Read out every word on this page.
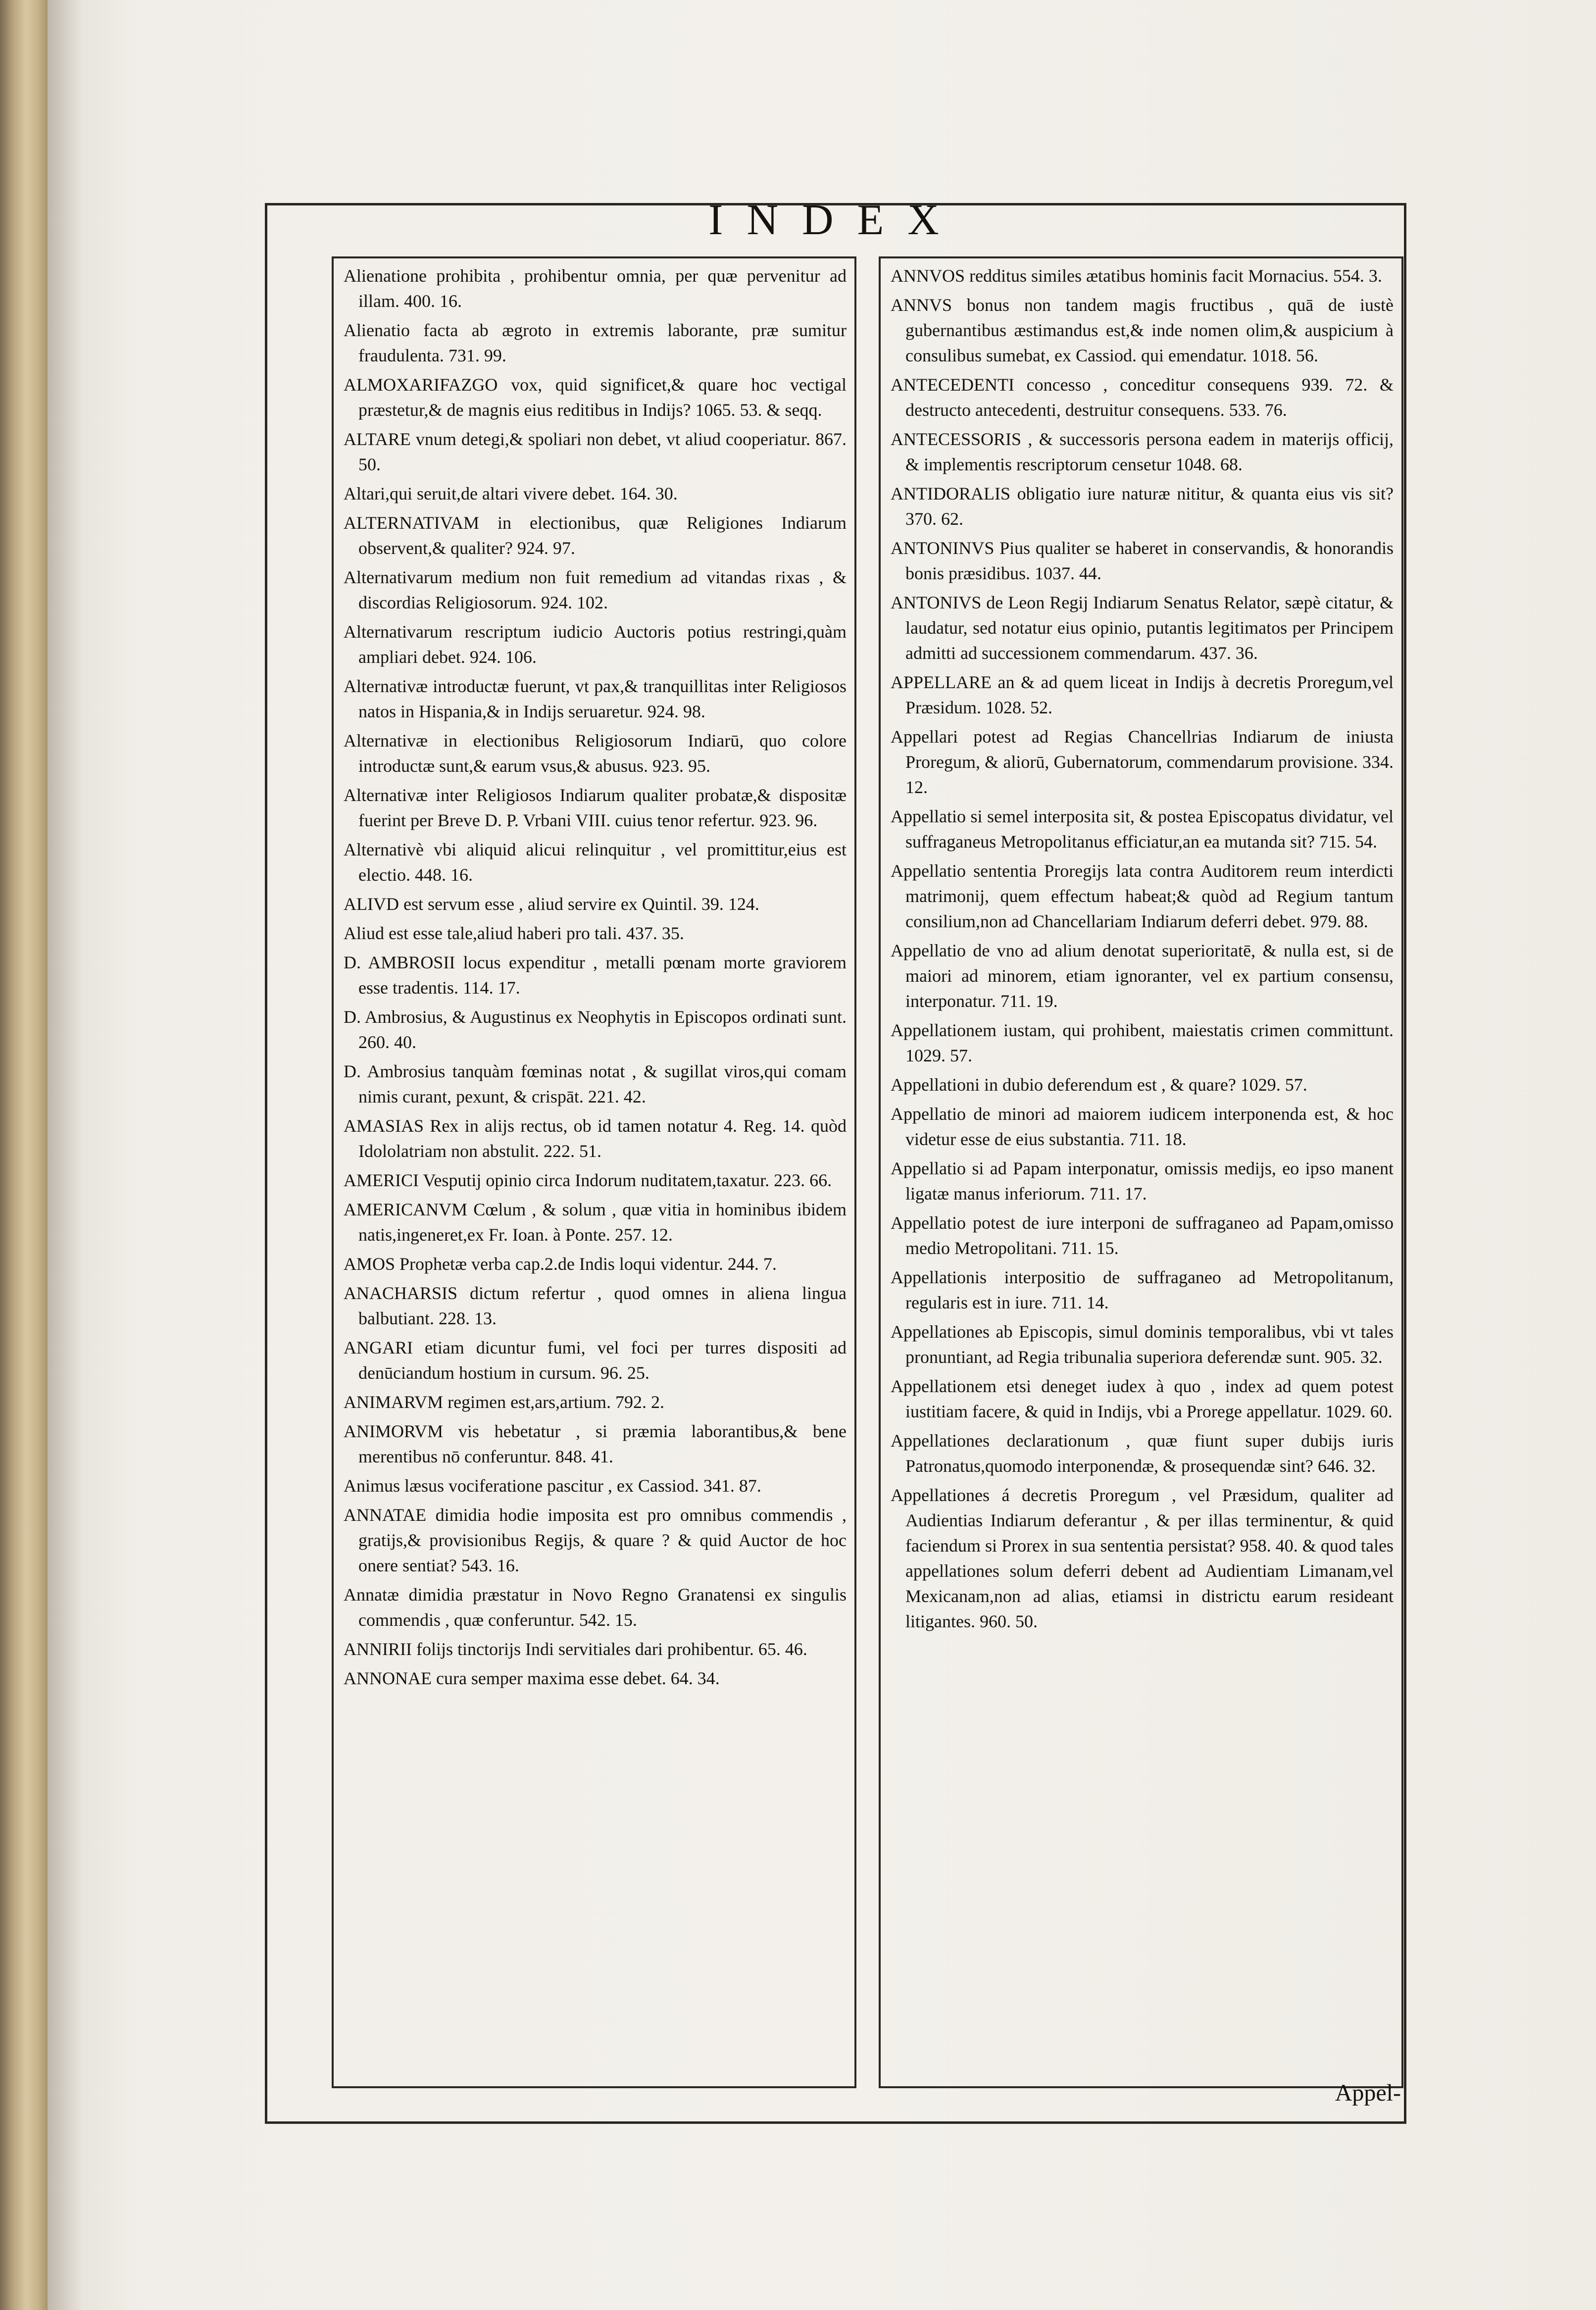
INDEX
Alienatione prohibita , prohibentur omnia, per quæ pervenitur ad illam. 400. 16.
Alienatio facta ab ægroto in extremis laborante, præ sumitur fraudulenta. 731. 99.
ALMOXARIFAZGO vox, quid significet,& quare hoc vectigal præstetur,& de magnis eius reditibus in Indijs? 1065. 53. & seqq.
ALTARE vnum detegi,& spoliari non debet, vt aliud cooperiatur. 867. 50.
Altari,qui seruit,de altari vivere debet. 164. 30.
ALTERNATIVAM in electionibus, quæ Religiones Indiarum observent,& qualiter? 924. 97.
Alternativarum medium non fuit remedium ad vitandas rixas , & discordias Religiosorum. 924. 102.
Alternativarum rescriptum iudicio Auctoris potius restringi,quàm ampliari debet. 924. 106.
Alternativæ introductæ fuerunt, vt pax,& tranquillitas inter Religiosos natos in Hispania,& in Indijs seruaretur. 924. 98.
Alternativæ in electionibus Religiosorum Indiarū, quo colore introductæ sunt,& earum vsus,& abusus. 923. 95.
Alternativæ inter Religiosos Indiarum qualiter probatæ,& dispositæ fuerint per Breve D. P. Vrbani VIII. cuius tenor refertur. 923. 96.
Alternativè vbi aliquid alicui relinquitur , vel promittitur,eius est electio. 448. 16.
ALIVD est servum esse , aliud servire ex Quintil. 39. 124.
Aliud est esse tale,aliud haberi pro tali. 437. 35.
D. AMBROSII locus expenditur , metalli pœnam morte graviorem esse tradentis. 114. 17.
D. Ambrosius, & Augustinus ex Neophytis in Episcopos ordinati sunt. 260. 40.
D. Ambrosius tanquàm fœminas notat , & sugillat viros,qui comam nimis curant, pexunt, & crispāt. 221. 42.
AMASIAS Rex in alijs rectus, ob id tamen notatur 4. Reg. 14. quòd Idololatriam non abstulit. 222. 51.
AMERICI Vesputij opinio circa Indorum nuditatem,taxatur. 223. 66.
AMERICANVM Cœlum , & solum , quæ vitia in hominibus ibidem natis,ingeneret,ex Fr. Ioan. à Ponte. 257. 12.
AMOS Prophetæ verba cap.2.de Indis loqui videntur. 244. 7.
ANACHARSIS dictum refertur , quod omnes in aliena lingua balbutiant. 228. 13.
ANGARI etiam dicuntur fumi, vel foci per turres dispositi ad denūciandum hostium in cursum. 96. 25.
ANIMARVM regimen est,ars,artium. 792. 2.
ANIMORVM vis hebetatur , si præmia laborantibus,& bene merentibus nō conferuntur. 848. 41.
Animus læsus vociferatione pascitur , ex Cassiod. 341. 87.
ANNATAE dimidia hodie imposita est pro omnibus commendis , gratijs,& provisionibus Regijs, & quare ? & quid Auctor de hoc onere sentiat? 543. 16.
Annatæ dimidia præstatur in Novo Regno Granatensi ex singulis commendis , quæ conferuntur. 542. 15.
ANNIRII folijs tinctorijs Indi servitiales dari prohibentur. 65. 46.
ANNONAE cura semper maxima esse debet. 64. 34.
ANNVOS redditus similes ætatibus hominis facit Mornacius. 554. 3.
ANNVS bonus non tandem magis fructibus , quā de iustè gubernantibus æstimandus est,& inde nomen olim,& auspicium à consulibus sumebat, ex Cassiod. qui emendatur. 1018. 56.
ANTECEDENTI concesso , conceditur consequens 939. 72. & destructo antecedenti, destruitur consequens. 533. 76.
ANTECESSORIS , & successoris persona eadem in materijs officij, & implementis rescriptorum censetur 1048. 68.
ANTIDORALIS obligatio iure naturæ nititur, & quanta eius vis sit? 370. 62.
ANTONINVS Pius qualiter se haberet in conservandis, & honorandis bonis præsidibus. 1037. 44.
ANTONIVS de Leon Regij Indiarum Senatus Relator, sæpè citatur, & laudatur, sed notatur eius opinio, putantis legitimatos per Principem admitti ad successionem commendarum. 437. 36.
APPELLARE an & ad quem liceat in Indijs à decretis Proregum,vel Præsidum. 1028. 52.
Appellari potest ad Regias Chancellrias Indiarum de iniusta Proregum, & aliorū, Gubernatorum, commendarum provisione. 334. 12.
Appellatio si semel interposita sit, & postea Episcopatus dividatur, vel suffraganeus Metropolitanus efficiatur,an ea mutanda sit? 715. 54.
Appellatio sententia Proregijs lata contra Auditorem reum interdicti matrimonij, quem effectum habeat;& quòd ad Regium tantum consilium,non ad Chancellariam Indiarum deferri debet. 979. 88.
Appellatio de vno ad alium denotat superioritatē, & nulla est, si de maiori ad minorem, etiam ignoranter, vel ex partium consensu, interponatur. 711. 19.
Appellationem iustam, qui prohibent, maiestatis crimen committunt. 1029. 57.
Appellationi in dubio deferendum est , & quare? 1029. 57.
Appellatio de minori ad maiorem iudicem interponenda est, & hoc videtur esse de eius substantia. 711. 18.
Appellatio si ad Papam interponatur, omissis medijs, eo ipso manent ligatæ manus inferiorum. 711. 17.
Appellatio potest de iure interponi de suffraganeo ad Papam,omisso medio Metropolitani. 711. 15.
Appellationis interpositio de suffraganeo ad Metropolitanum, regularis est in iure. 711. 14.
Appellationes ab Episcopis, simul dominis temporalibus, vbi vt tales pronuntiant, ad Regia tribunalia superiora deferendæ sunt. 905. 32.
Appellationem etsi deneget iudex à quo , index ad quem potest iustitiam facere, & quid in Indijs, vbi a Prorege appellatur. 1029. 60.
Appellationes declarationum , quæ fiunt super dubijs iuris Patronatus,quomodo interponendæ, & prosequendæ sint? 646. 32.
Appellationes á decretis Proregum , vel Præsidum, qualiter ad Audientias Indiarum deferantur , & per illas terminentur, & quid faciendum si Prorex in sua sententia persistat? 958. 40. & quod tales appellationes solum deferri debent ad Audientiam Limanam,vel Mexicanam,non ad alias, etiamsi in districtu earum resideant litigantes. 960. 50.
Appel-
